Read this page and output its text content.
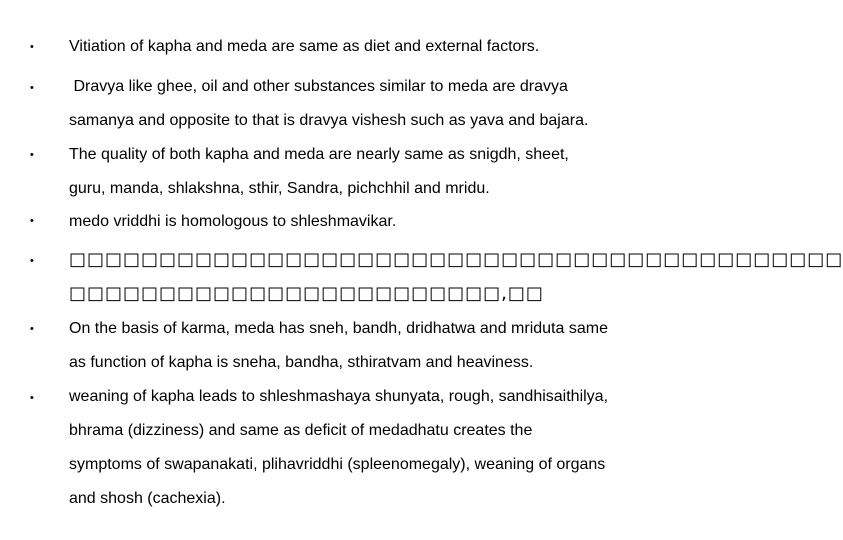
• Vitiation of kapha and meda are same as diet and external factors.
• Dravya like ghee, oil and other substances similar to meda are dravya
samanya and opposite to that is dravya vishesh such as yava and bajara.
• The quality of both kapha and meda are nearly same as snigdh, sheet,
guru, manda, shlakshna, sthir, Sandra, pichchhil and mridu.
• medo vriddhi is homologous to shleshmavikar.
• □□□□□□□□□□□□□□□□□□□□□□□□□□□□□□□□□□□□□□□□□□□
□□□□□□□□□□□□□□□□□□□□□□□□,□□
• On the basis of karma, meda has sneh, bandh, dridhatwa and mriduta same
as function of kapha is sneha, bandha, sthiratvam and heaviness.
• weaning of kapha leads to shleshmashaya shunyata, rough, sandhisaithilya,
bhrama (dizziness) and same as deficit of medadhatu creates the
symptoms of swapanakati, plihavriddhi (spleenomegaly), weaning of organs
and shosh (cachexia).
